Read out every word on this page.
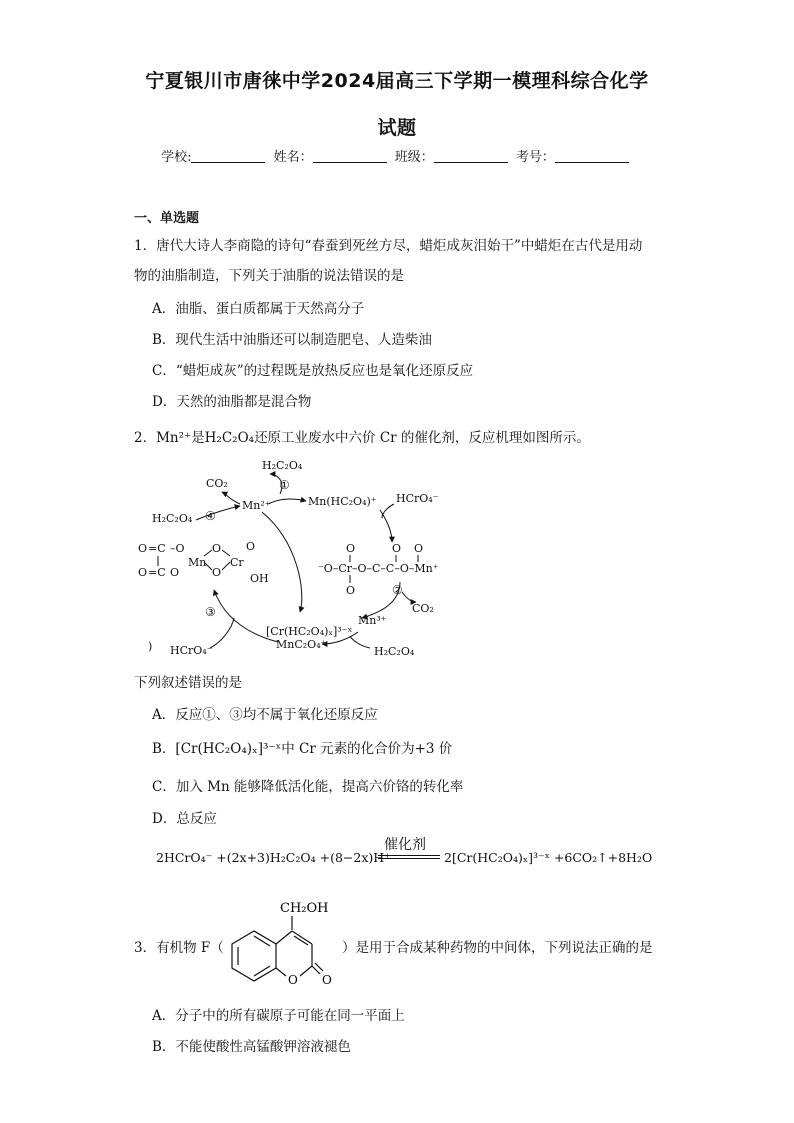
宁夏银川市唐徕中学2024届高三下学期一模理科综合化学
试题
学校:	姓名：	班级：	考号：
一、单选题
1．唐代大诗人李商隐的诗句“春蚕到死丝方尽，蜡炬成灰泪始干”中蜡炬在古代是用动
物的油脂制造，下列关于油脂的说法错误的是
A．油脂、蛋白质都属于天然高分子
B．现代生活中油脂还可以制造肥皂、人造柴油
C．“蜡炬成灰”的过程既是放热反应也是氧化还原反应
D．天然的油脂都是混合物
2．Mn²⁺是H₂C₂O₄还原工业废水中六价 Cr 的催化剂，反应机理如图所示。
H₂C₂O₄
①
Mn²⁺
CO₂
Mn(HC₂O₄)⁺ HCrO₄⁻
H₂C₂O₄ ④
O =C –O
=C
O O
Mn
O
O
Cr
O
OH
⁻O–Cr–O–C–C–O–Mn⁺
O	O O
O
[Cr(HC₂O₄)ₓ]³⁻ˣ
②
CO₂
③
Mn³⁺
HCrO₄⁻	MnC₂O₄⁺
H₂C₂O₄
)
下列叙述错误的是
A．反应①、③均不属于氧化还原反应
B．[Cr(HC₂O₄)ₓ]³⁻ˣ中 Cr 元素的化合价为+3 价
C．加入 Mn 能够降低活化能，提高六价铬的转化率
D．总反应
2HCrO₄⁻ +(2x+3)H₂C₂O₄ +(8−2x)H⁺
催化剂
2[Cr(HC₂O₄)ₓ]³⁻ˣ +6CO₂↑+8H₂O
3．有机物 F（
CH₂OH
O O
）是用于合成某种药物的中间体，下列说法正确的是
A．分子中的所有碳原子可能在同一平面上
B．不能使酸性高锰酸钾溶液褪色
